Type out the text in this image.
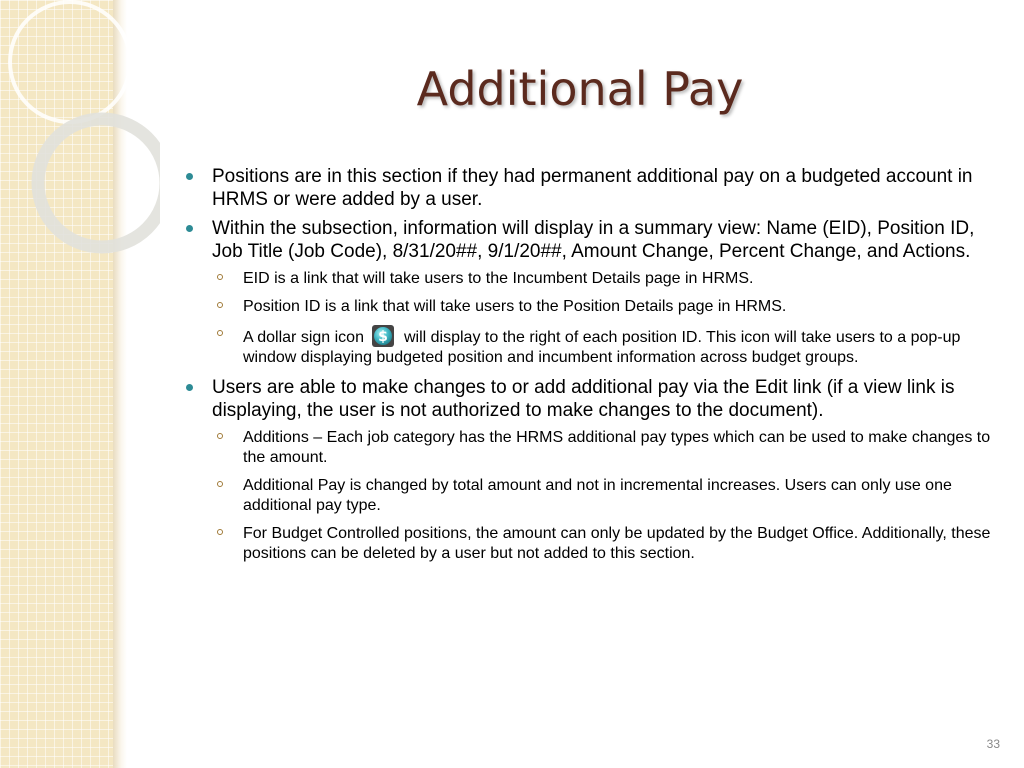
Additional Pay
Positions are in this section if they had permanent additional pay on a budgeted account in HRMS or were added by a user.
Within the subsection, information will display in a summary view: Name (EID), Position ID, Job Title (Job Code), 8/31/20##, 9/1/20##, Amount Change, Percent Change, and Actions.
EID is a link that will take users to the Incumbent Details page in HRMS.
Position ID is a link that will take users to the Position Details page in HRMS.
A dollar sign icon $ will display to the right of each position ID. This icon will take users to a pop-up window displaying budgeted position and incumbent information across budget groups.
Users are able to make changes to or add additional pay via the Edit link (if a view link is displaying, the user is not authorized to make changes to the document).
Additions – Each job category has the HRMS additional pay types which can be used to make changes to the amount.
Additional Pay is changed by total amount and not in incremental increases. Users can only use one additional pay type.
For Budget Controlled positions, the amount can only be updated by the Budget Office. Additionally, these positions can be deleted by a user but not added to this section.
33
